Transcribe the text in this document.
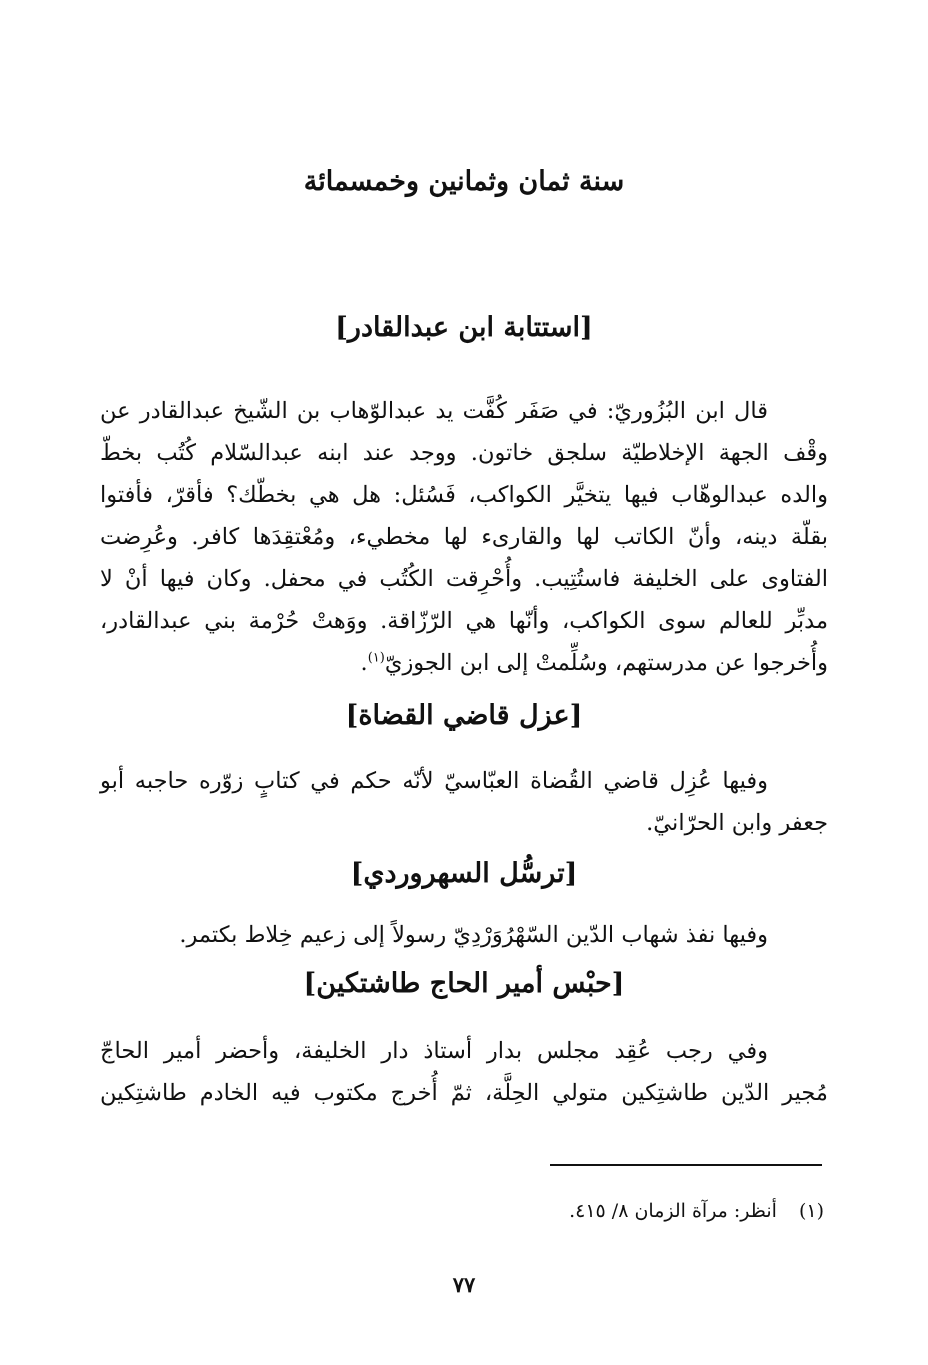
سنة ثمان وثمانين وخمسمائة
[استتابة ابن عبدالقادر]
قال ابن البُزُوريّ: في صَفَر كُفَّت يد عبدالوّهاب بن الشّيخ عبدالقادر عن
وقْف الجهة الإخلاطيّة سلجق خاتون. ووجد عند ابنه عبدالسّلام كُتُب بخطّ
والده عبدالوهّاب فيها يتخيَّر الكواكب، فَسُئل: هل هي بخطّك؟ فأقرّ، فأفتوا
بقلّة دينه، وأنّ الكاتب لها والقارىء لها مخطيء، ومُعْتقِدَها كافر. وعُرِضت
الفتاوى على الخليفة فاستُتِيب. وأُحْرِقت الكُتُب في محفل. وكان فيها أنْ لا
مدبِّر للعالم سوى الكواكب، وأنّها هي الرّزّاقة. ووَهتْ حُرْمة بني عبدالقادر،
وأُخرجوا عن مدرستهم، وسُلِّمتْ إلى ابن الجوزيّ$^{(١)}$.
[عزل قاضي القضاة]
وفيها عُزِل قاضي القُضاة العبّاسيّ لأنّه حكم في كتابٍ زوّره حاجبه أبو
جعفر وابن الحرّانيّ.
[ترسُّل السهروردي]
وفيها نفذ شهاب الدّين السّهْرُوَرْدِيّ رسولاً إلى زعيم خِلاط بكتمر.
[حبْس أمير الحاج طاشتكين]
وفي رجب عُقِد مجلس بدار أستاذ دار الخليفة، وأحضر أمير الحاجّ
مُجير الدّين طاشتِكين متولي الحِلَّة، ثمّ أُخرج مكتوب فيه الخادم طاشتِكين
(١)أنظر: مرآة الزمان ٨/ ٤١٥.
٧٧
